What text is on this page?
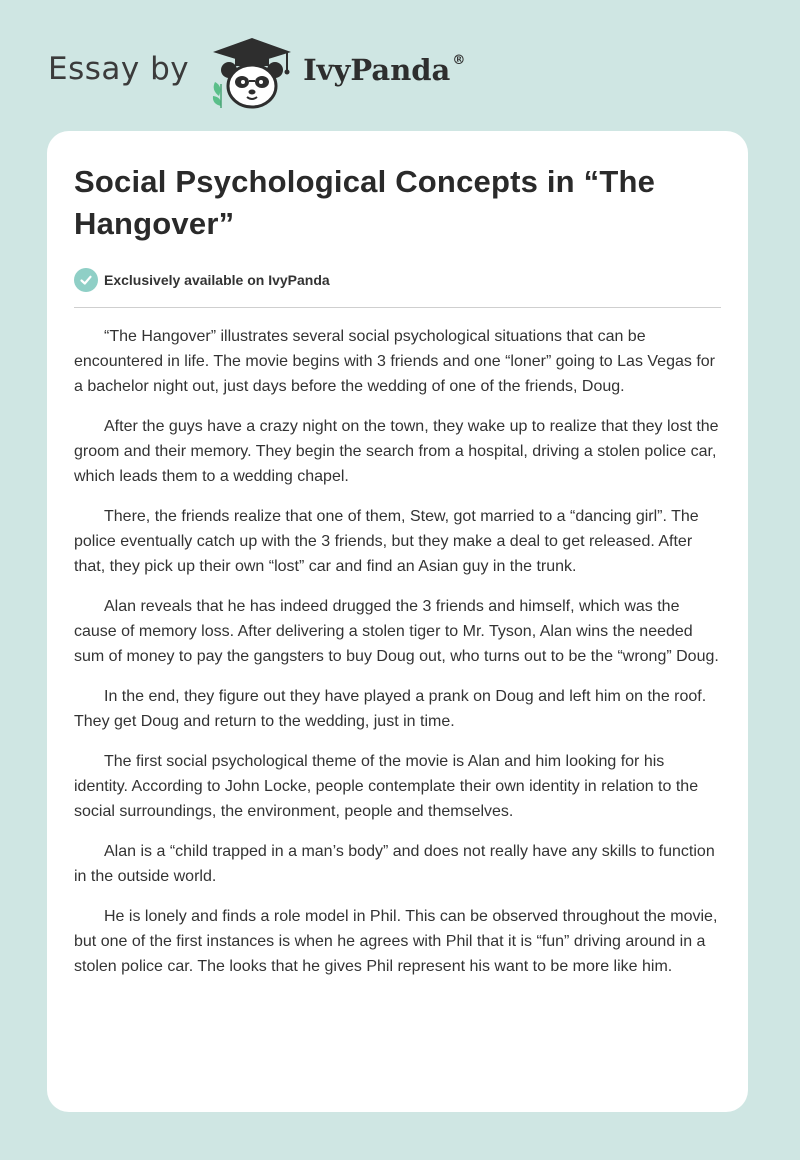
Essay by	IvyPanda ®
Social Psychological Concepts in “The Hangover”
Exclusively available on IvyPanda

“The Hangover” illustrates several social psychological situations that can be encountered in life. The movie begins with 3 friends and one “loner” going to Las Vegas for a bachelor night out, just days before the wedding of one of the friends, Doug.

After the guys have a crazy night on the town, they wake up to realize that they lost the groom and their memory. They begin the search from a hospital, driving a stolen police car, which leads them to a wedding chapel.

There, the friends realize that one of them, Stew, got married to a “dancing girl”. The police eventually catch up with the 3 friends, but they make a deal to get released. After that, they pick up their own “lost” car and find an Asian guy in the trunk.

Alan reveals that he has indeed drugged the 3 friends and himself, which was the cause of memory loss. After delivering a stolen tiger to Mr. Tyson, Alan wins the needed sum of money to pay the gangsters to buy Doug out, who turns out to be the “wrong” Doug.

In the end, they figure out they have played a prank on Doug and left him on the roof. They get Doug and return to the wedding, just in time.

The first social psychological theme of the movie is Alan and him looking for his identity. According to John Locke, people contemplate their own identity in relation to the social surroundings, the environment, people and themselves.

Alan is a “child trapped in a man’s body” and does not really have any skills to function in the outside world.

He is lonely and finds a role model in Phil. This can be observed throughout the movie, but one of the first instances is when he agrees with Phil that it is “fun” driving around in a stolen police car. The looks that he gives Phil represent his want to be more like him.
